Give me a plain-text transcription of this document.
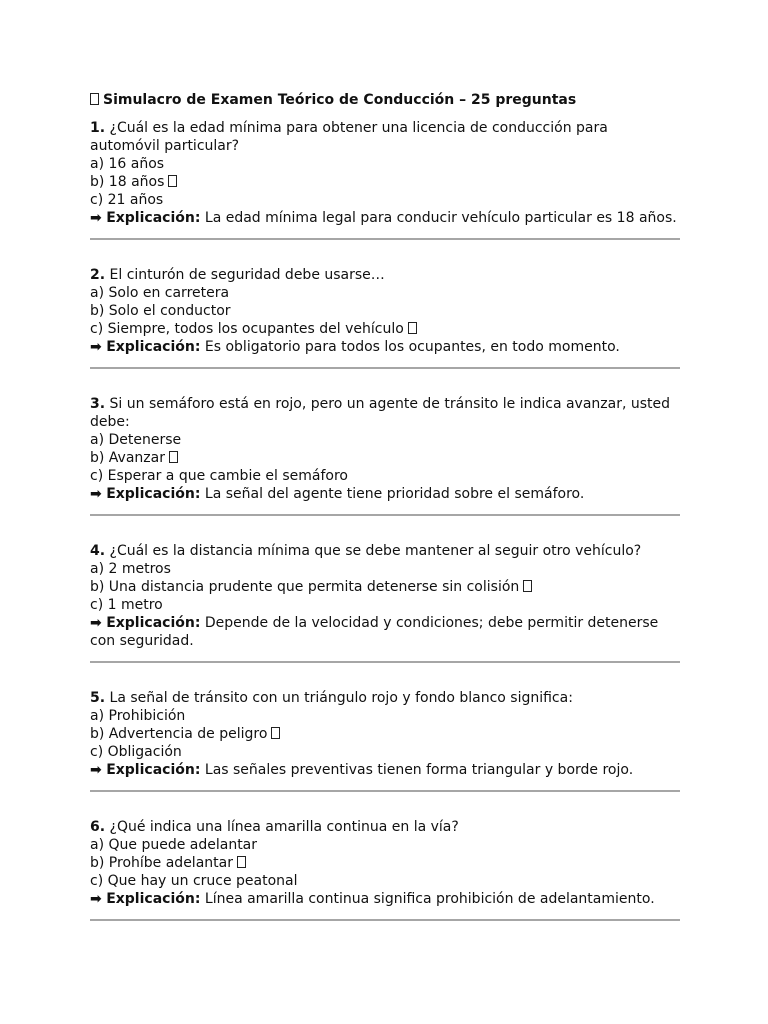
Simulacro de Examen Teórico de Conducción – 25 preguntas

1. ¿Cuál es la edad mínima para obtener una licencia de conducción para automóvil particular?

a) 16 años

b) 18 años

c) 21 años

➡ Explicación: La edad mínima legal para conducir vehículo particular es 18 años.

2. El cinturón de seguridad debe usarse…

a) Solo en carretera

b) Solo el conductor

c) Siempre, todos los ocupantes del vehículo

➡ Explicación: Es obligatorio para todos los ocupantes, en todo momento.

3. Si un semáforo está en rojo, pero un agente de tránsito le indica avanzar, usted debe:

a) Detenerse

b) Avanzar

c) Esperar a que cambie el semáforo

➡ Explicación: La señal del agente tiene prioridad sobre el semáforo.

4. ¿Cuál es la distancia mínima que se debe mantener al seguir otro vehículo?

a) 2 metros

b) Una distancia prudente que permita detenerse sin colisión

c) 1 metro

➡ Explicación: Depende de la velocidad y condiciones; debe permitir detenerse con seguridad.

5. La señal de tránsito con un triángulo rojo y fondo blanco significa:

a) Prohibición

b) Advertencia de peligro

c) Obligación

➡ Explicación: Las señales preventivas tienen forma triangular y borde rojo.

6. ¿Qué indica una línea amarilla continua en la vía?

a) Que puede adelantar

b) Prohíbe adelantar

c) Que hay un cruce peatonal

➡ Explicación: Línea amarilla continua significa prohibición de adelantamiento.
